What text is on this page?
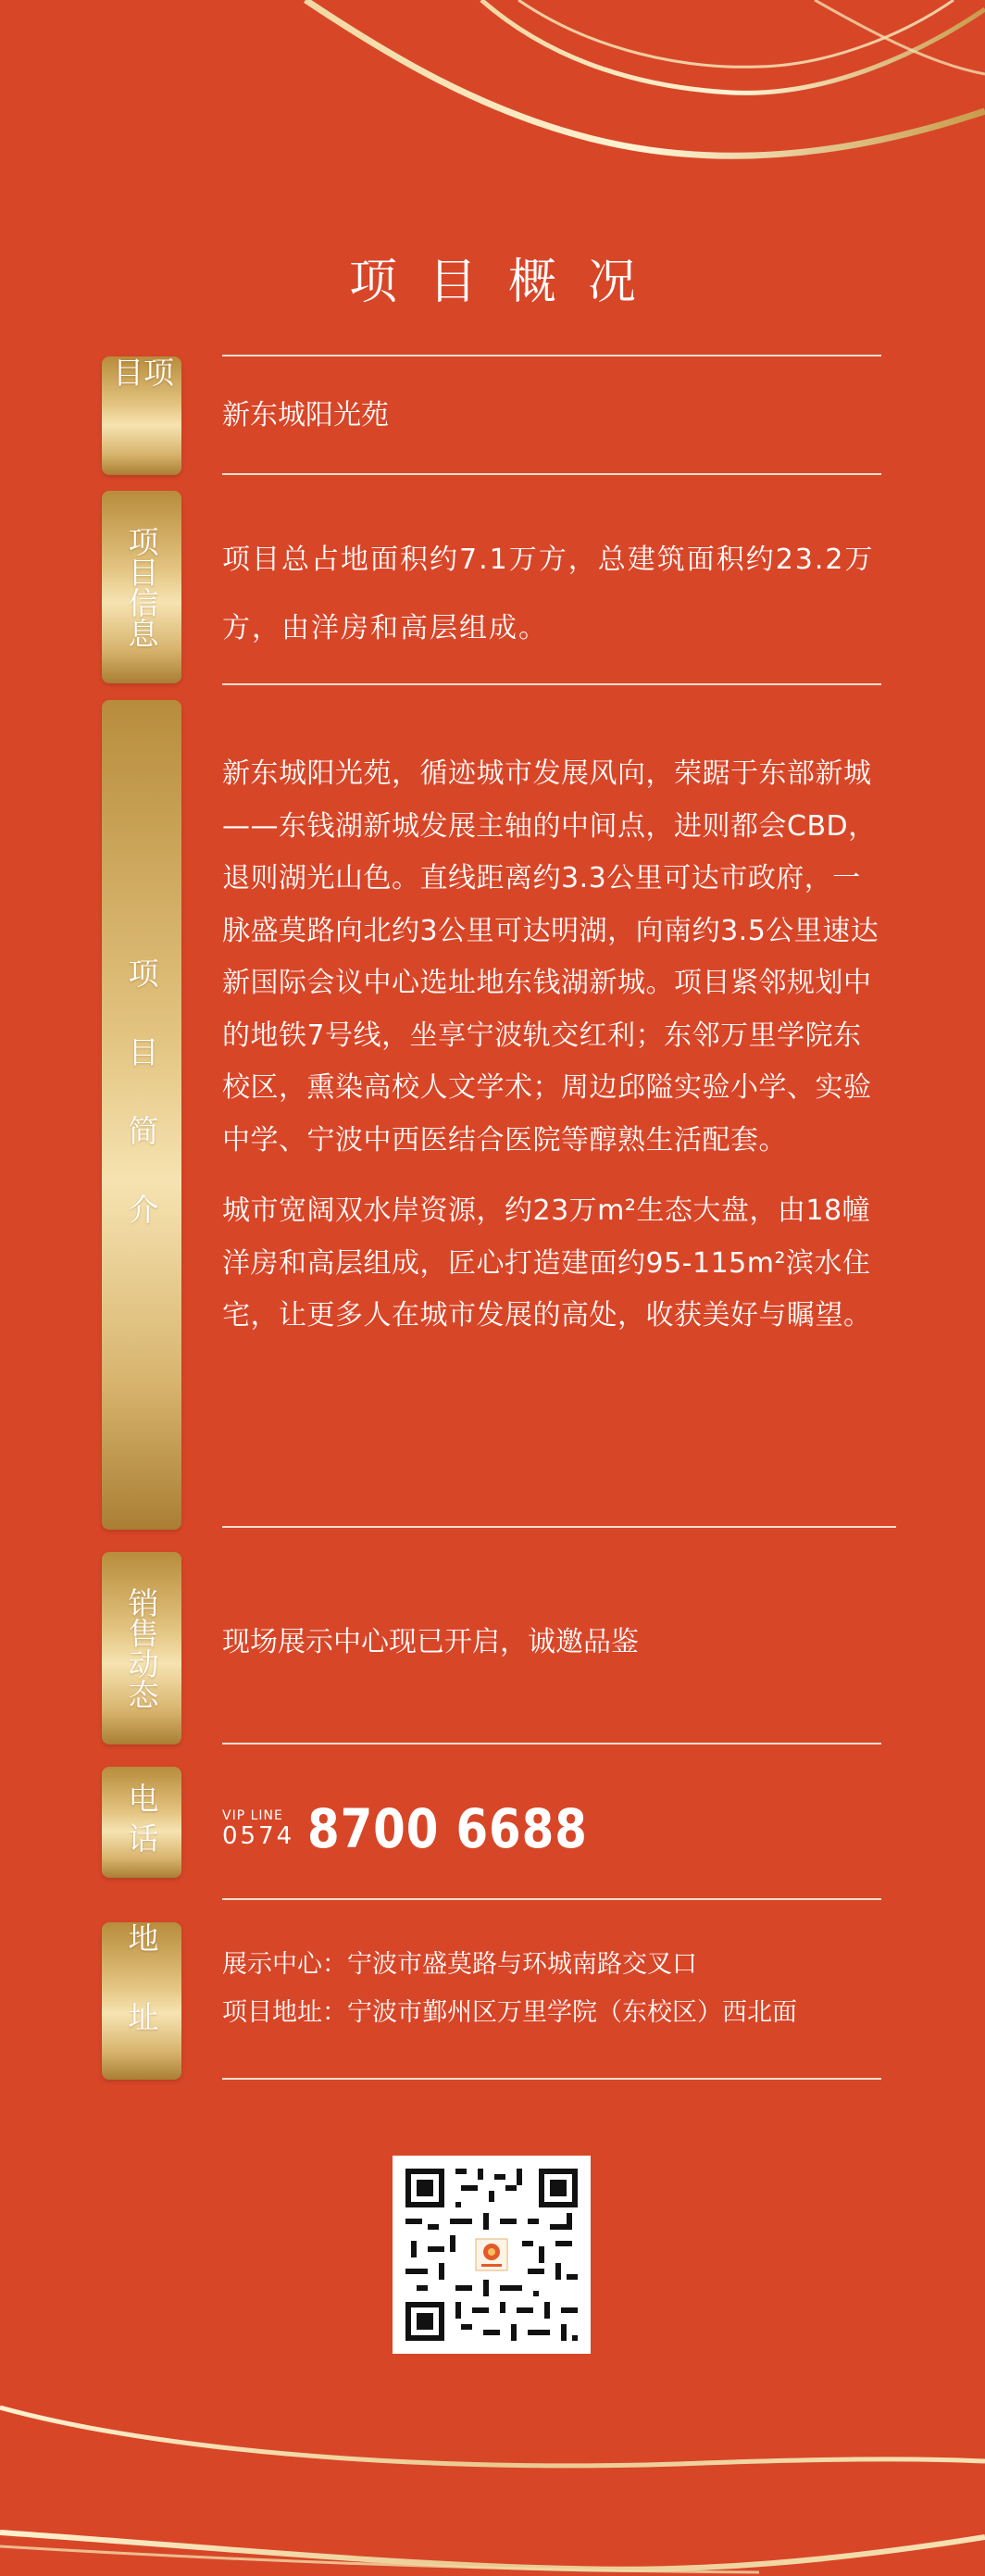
项目概况
项目	新东城阳光苑
项目信息 项目总占地面积约7.1万方，总建筑面积约23.2万方，由洋房和高层组成。

项目简介

新东城阳光苑，循迹城市发展风向，荣踞于东部新城——东钱湖新城发展主轴的中间点，进则都会CBD，退则湖光山色。直线距离约3.3公里可达市政府，一脉盛莫路向北约3公里可达明湖，向南约3.5公里速达新国际会议中心选址地东钱湖新城。项目紧邻规划中的地铁7号线，坐享宁波轨交红利；东邻万里学院东校区，熏染高校人文学术；周边邱隘实验小学、实验中学、宁波中西医结合医院等醇熟生活配套。

城市宽阔双水岸资源，约23万m²生态大盘，由18幢洋房和高层组成，匠心打造建面约95-115m²滨水住宅，让更多人在城市发展的高处，收获美好与瞩望。

销售动态 现场展示中心现已开启，诚邀品鉴
电话	VIP LINE
0574 8700 6688
地址	展示中心：宁波市盛莫路与环城南路交叉口
项目地址：宁波市鄞州区万里学院（东校区）西北面
